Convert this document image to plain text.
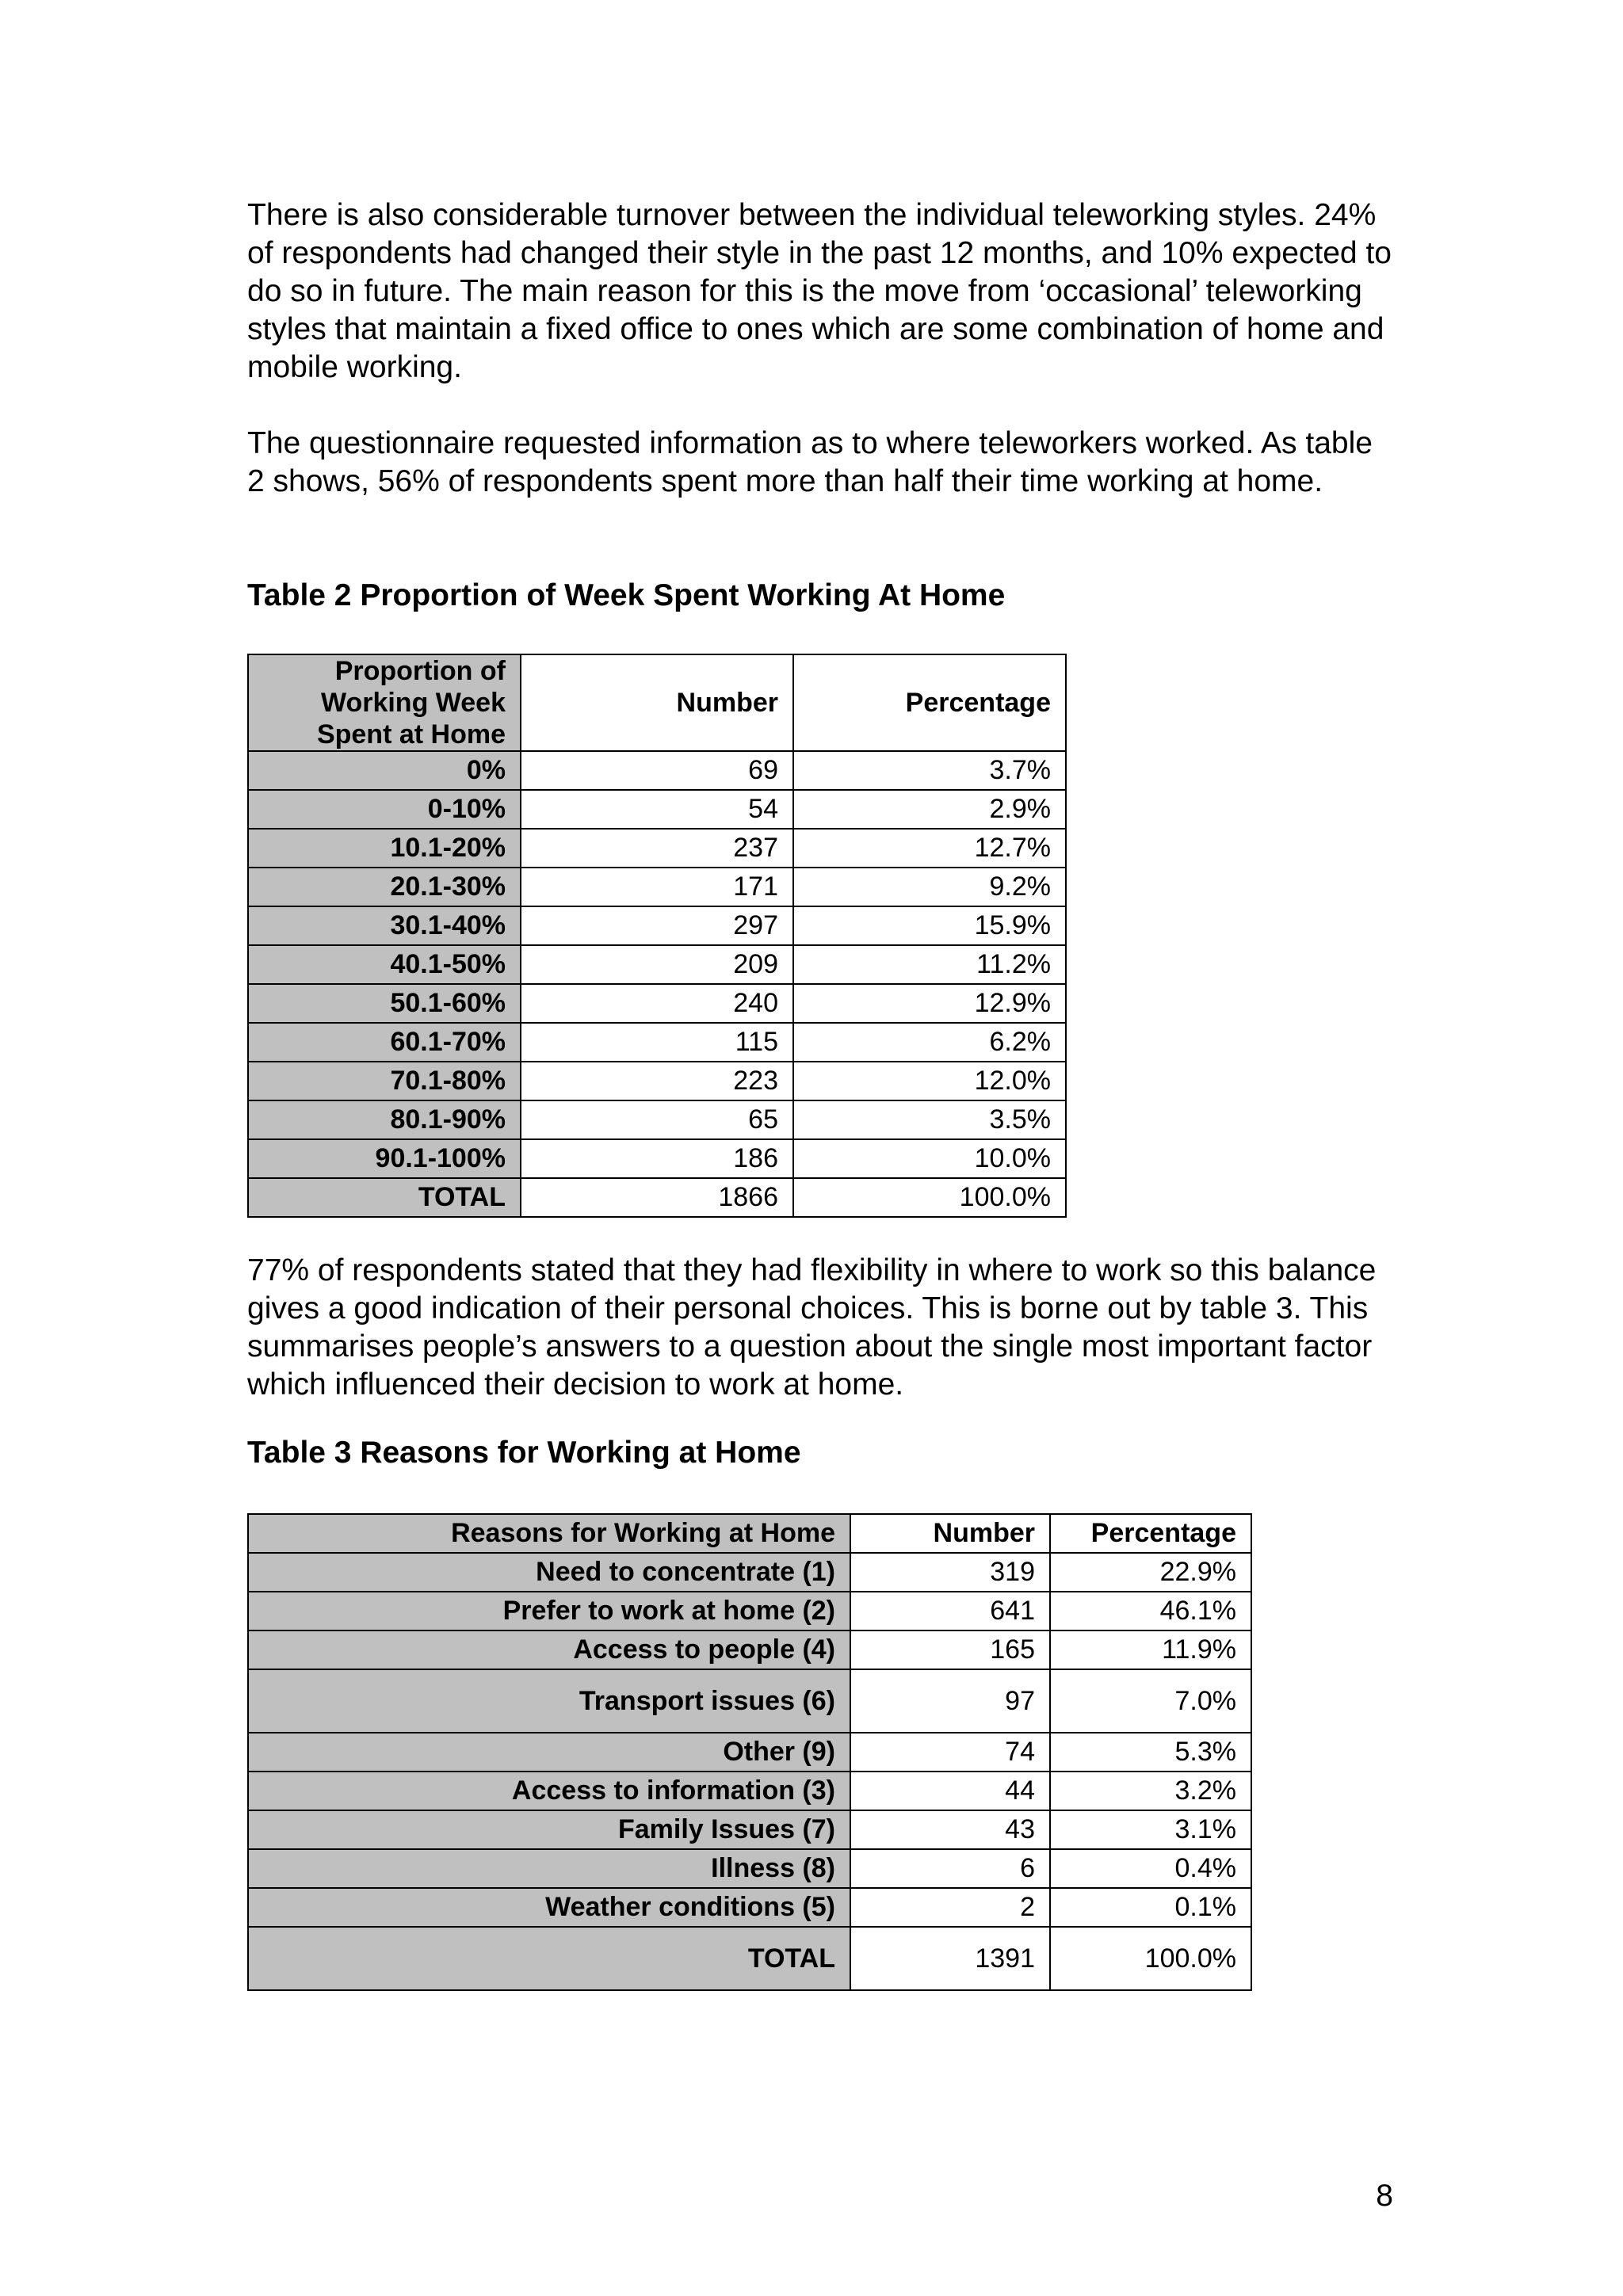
There is also considerable turnover between the individual teleworking styles. 24% of respondents had changed their style in the past 12 months, and 10% expected to do so in future. The main reason for this is the move from ‘occasional’ teleworking styles that maintain a fixed office to ones which are some combination of home and mobile working.

The questionnaire requested information as to where teleworkers worked. As table 2 shows, 56% of respondents spent more than half their time working at home.

Table 2 Proportion of Week Spent Working At Home
Proportion of Working Week Spent at Home	Number	Percentage
0%	69	3.7%
0-10%	54	2.9%
10.1-20%	237	12.7%
20.1-30%	171	9.2%
30.1-40%	297	15.9%
40.1-50%	209	11.2%
50.1-60%	240	12.9%
60.1-70%	115	6.2%
70.1-80%	223	12.0%
80.1-90%	65	3.5%
90.1-100%	186	10.0%
TOTAL	1866	100.0%

77% of respondents stated that they had flexibility in where to work so this balance gives a good indication of their personal choices. This is borne out by table 3. This summarises people’s answers to a question about the single most important factor which influenced their decision to work at home.

Table 3 Reasons for Working at Home
Reasons for Working at Home	Number	Percentage
Need to concentrate (1)	319	22.9%
Prefer to work at home (2)	641	46.1%
Access to people (4)	165	11.9%
Transport issues (6)	97	7.0%
Other (9)	74	5.3%
Access to information (3)	44	3.2%
Family Issues (7)	43	3.1%
Illness (8)	6	0.4%
Weather conditions (5)	2	0.1%
TOTAL	1391	100.0%

8
